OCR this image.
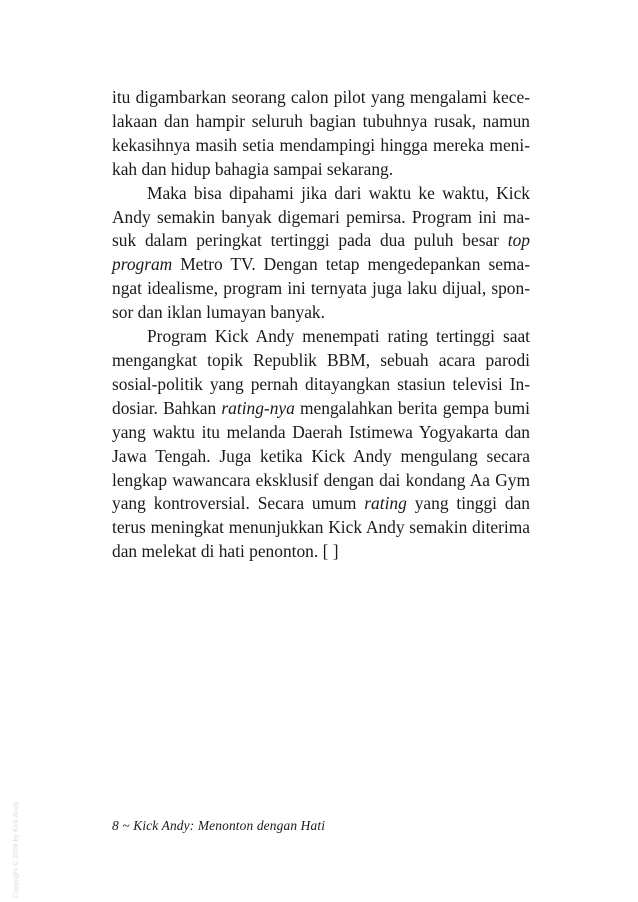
itu digambarkan seorang calon pilot yang mengalami kecelakaan dan hampir seluruh bagian tubuhnya rusak, namun kekasihnya masih setia mendampingi hingga mereka menikah dan hidup bahagia sampai sekarang.

Maka bisa dipahami jika dari waktu ke waktu, Kick Andy semakin banyak digemari pemirsa. Program ini masuk dalam peringkat tertinggi pada dua puluh besar top program Metro TV. Dengan tetap mengedepankan semangat idealisme, program ini ternyata juga laku dijual, sponsor dan iklan lumayan banyak.

Program Kick Andy menempati rating tertinggi saat mengangkat topik Republik BBM, sebuah acara parodi sosial-politik yang pernah ditayangkan stasiun televisi Indosiar. Bahkan rating-nya mengalahkan berita gempa bumi yang waktu itu melanda Daerah Istimewa Yogyakarta dan Jawa Tengah. Juga ketika Kick Andy mengulang secara lengkap wawancara eksklusif dengan dai kondang Aa Gym yang kontroversial. Secara umum rating yang tinggi dan terus meningkat menunjukkan Kick Andy semakin diterima dan melekat di hati penonton. [ ]

8 ~ Kick Andy: Menonton dengan Hati
Copyright © 2008 by Kick Andy
